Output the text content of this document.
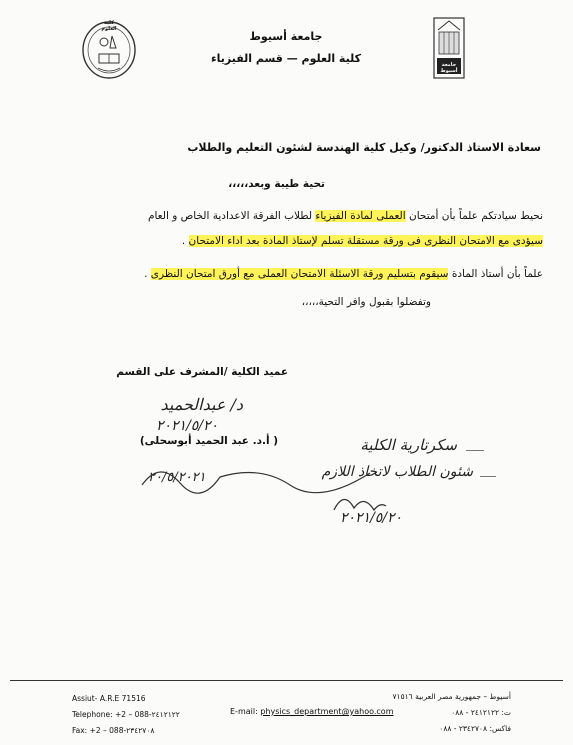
كلية العلوم
جامعة أسيوط
جامعة أسيوط
كلية العلوم — قسم الفيزياء
سعادة الاستاذ الدكتور/ وكيل كلية الهندسة لشئون التعليم والطلاب
تحية طيبة وبعد،،،،،
نحيط سيادتكم علماً بأن أمتحان العملى لمادة الفيزياء لطلاب الفرقة الاعدادية الخاص و العام
سيؤدى مع الامتحان النظرى فى ورقة مستقلة تسلم لإستاذ المادة بعد اداء الامتحان .
علماً بأن أستاذ المادة سيقوم بتسليم ورقة الاسئلة الامتحان العملى مع أورق امتحان النظرى .
وتفضلوا بقبول وافر التحية،،،،،
عميد الكلية /المشرف على القسم
د/ عبدالحميد
٢٠٢١/٥/٢٠
( أ.د. عبد الحميد أبوسحلى)	سكرتارية الكلية
شئون الطلاب لاتخاذ اللازم
٢٠/٥/٢٠٢١
٢٠٢١/٥/٢٠
Assiut- A.R.E 71516
Telephone: +2 – 088-٢٤١٢١٢٢
Fax: +2 – 088-٢٣٤٢٧٠٨
E-mail: physics_department@yahoo.com
أسيوط – جمهورية مصر العربية ٧١٥١٦
ت: ٢٤١٢١٢٢ - ٠٨٨
فاكس: ٢٣٤٢٧٠٨ - ٠٨٨
